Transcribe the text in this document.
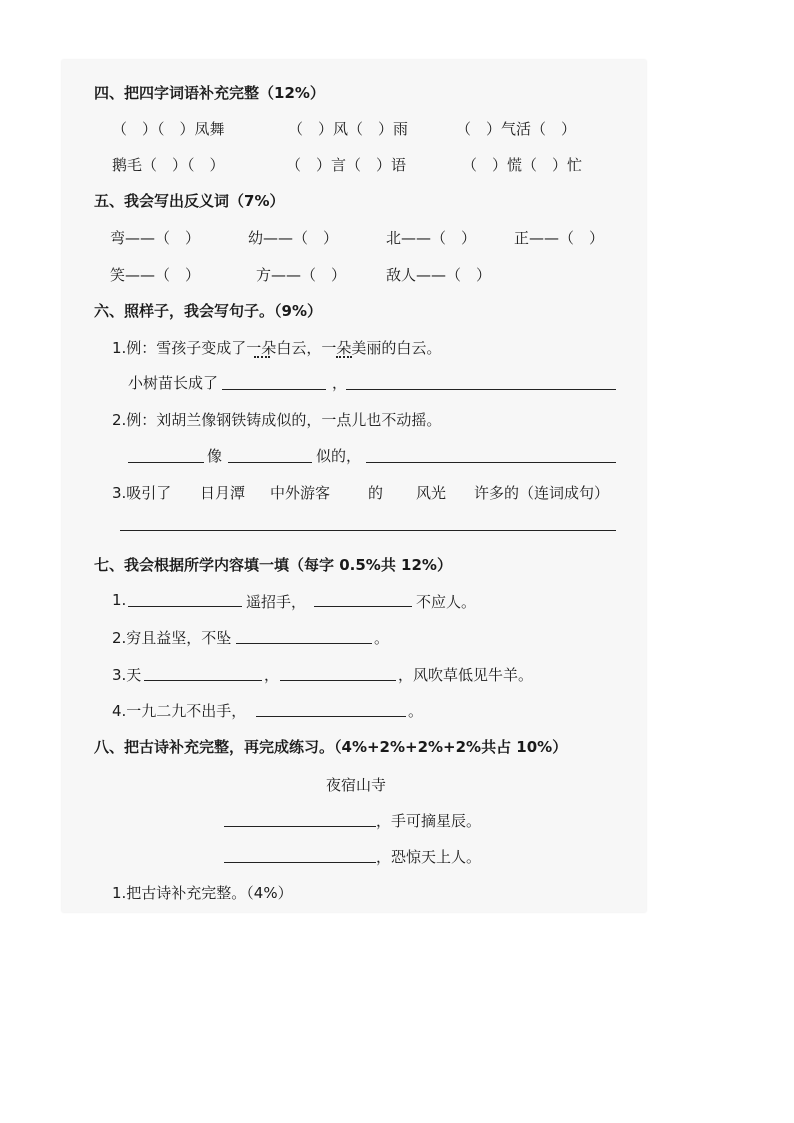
四、把四字词语补充完整（12%）
（　）（　）凤舞	（　）风（　）雨	（　）气活（　）
鹅毛（　）（　）	（　）言（　）语	（　）慌（　）忙
五、我会写出反义词（7%）
弯——（　）	幼——（　）	北——（　）	正——（　）
笑——（　）	方——（　）	敌人——（　）
六、照样子，我会写句子。（9%）
1.例：雪孩子变成了一朵白云，一朵美丽的白云。
小树苗长成了	，
2.例：刘胡兰像钢铁铸成似的，一点儿也不动摇。
像	似的，
3.吸引了 日月潭 中外游客	的 风光 许多的（连词成句）
七、我会根据所学内容填一填（每字 0.5%共 12%）
1.	遥招手，	不应人。
2.穷且益坚，不坠	。
3.天	，	，风吹草低见牛羊。
4.一九二九不出手，	。
八、把古诗补充完整，再完成练习。（4%+2%+2%+2%共占 10%）
夜宿山寺
，手可摘星辰。
，恐惊天上人。
1.把古诗补充完整。（4%）
